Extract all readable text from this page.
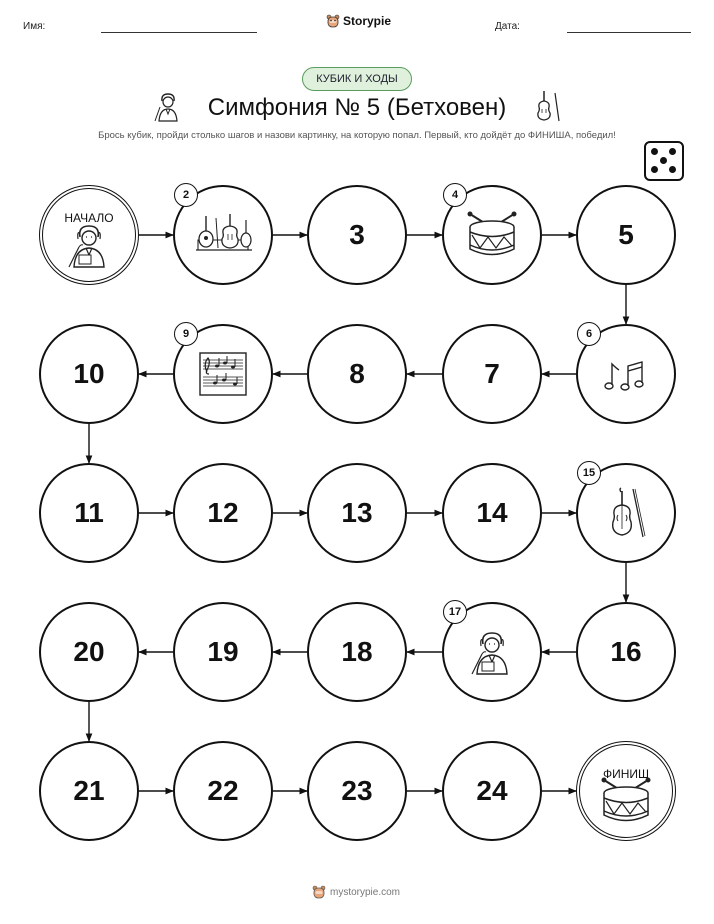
Имя:	Storypie	Дата:
КУБИК И ХОДЫ
Симфония № 5 (Бетховен)
Брось кубик, пройди столько шагов и назови картинку, на которую попал. Первый, кто дойдёт до ФИНИША, победил!
НАЧАЛО
2
3
4
5
6
7
8
9
10
11	12	13	14
15
16
17
18
19
20
21	22	23	24
ФИНИШ
mystorypie.com
